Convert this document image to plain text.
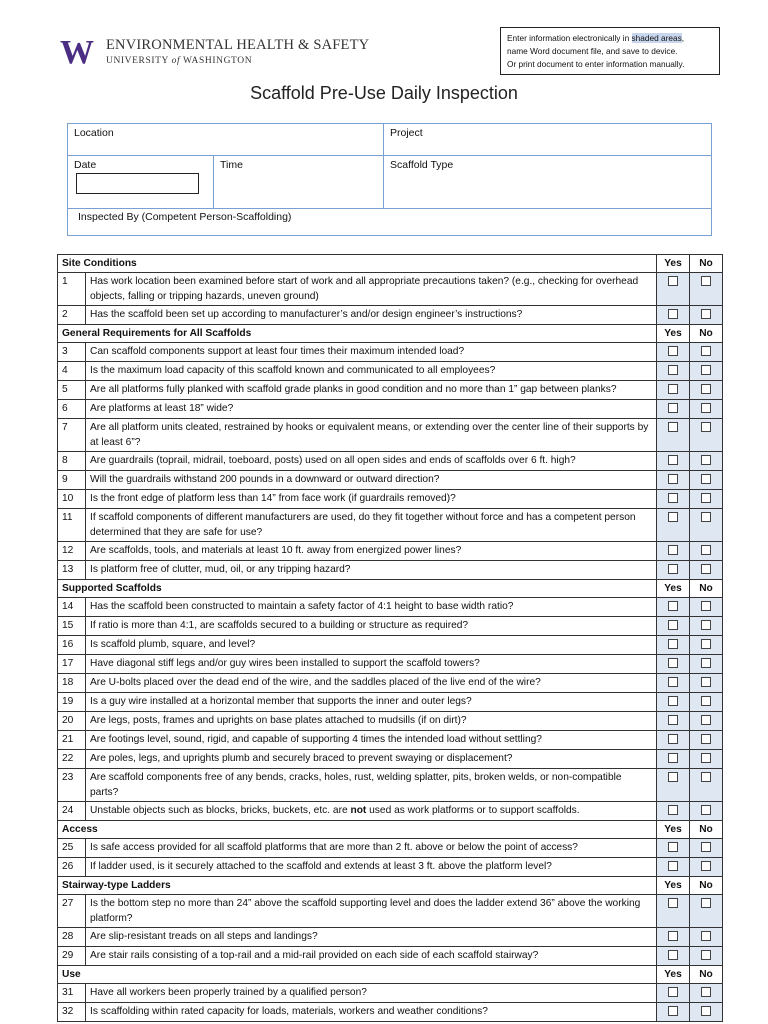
W ENVIRONMENTAL HEALTH & SAFETY
UNIVERSITY of WASHINGTON
Enter information electronically in shaded areas,
name Word document file, and save to device.
Or print document to enter information manually.
Scaffold Pre-Use Daily Inspection
Location	Project
Date	Time	Scaffold Type
Inspected By (Competent Person-Scaffolding)
Site Conditions		Yes	No
1	Has work location been examined before start of work and all appropriate precautions taken? (e.g., checking for overhead objects, falling or tripping hazards, uneven ground)		
2	Has the scaffold been set up according to manufacturer’s and/or design engineer’s instructions?		
General Requirements for All Scaffolds		Yes	No
3	Can scaffold components support at least four times their maximum intended load?		
4	Is the maximum load capacity of this scaffold known and communicated to all employees?		
5	Are all platforms fully planked with scaffold grade planks in good condition and no more than 1” gap between planks?		
6	Are platforms at least 18” wide?		
7	Are all platform units cleated, restrained by hooks or equivalent means, or extending over the center line of their supports by at least 6”?		
8	Are guardrails (toprail, midrail, toeboard, posts) used on all open sides and ends of scaffolds over 6 ft. high?		
9	Will the guardrails withstand 200 pounds in a downward or outward direction?		
10	Is the front edge of platform less than 14” from face work (if guardrails removed)?		
11	If scaffold components of different manufacturers are used, do they fit together without force and has a competent person determined that they are safe for use?		
12	Are scaffolds, tools, and materials at least 10 ft. away from energized power lines?		
13	Is platform free of clutter, mud, oil, or any tripping hazard?		
Supported Scaffolds		Yes	No
14	Has the scaffold been constructed to maintain a safety factor of 4:1 height to base width ratio?		
15	If ratio is more than 4:1, are scaffolds secured to a building or structure as required?		
16	Is scaffold plumb, square, and level?		
17	Have diagonal stiff legs and/or guy wires been installed to support the scaffold towers?		
18	Are U-bolts placed over the dead end of the wire, and the saddles placed of the live end of the wire?		
19	Is a guy wire installed at a horizontal member that supports the inner and outer legs?		
20	Are legs, posts, frames and uprights on base plates attached to mudsills (if on dirt)?		
21	Are footings level, sound, rigid, and capable of supporting 4 times the intended load without settling?		
22	Are poles, legs, and uprights plumb and securely braced to prevent swaying or displacement?		
23	Are scaffold components free of any bends, cracks, holes, rust, welding splatter, pits, broken welds, or non-compatible parts?		
24	Unstable objects such as blocks, bricks, buckets, etc. are not used as work platforms or to support scaffolds.		
Access		Yes	No
25	Is safe access provided for all scaffold platforms that are more than 2 ft. above or below the point of access?		
26	If ladder used, is it securely attached to the scaffold and extends at least 3 ft. above the platform level?		
Stairway-type Ladders		Yes	No
27	Is the bottom step no more than 24” above the scaffold supporting level and does the ladder extend 36” above the working platform?		
28	Are slip-resistant treads on all steps and landings?		
29	Are stair rails consisting of a top-rail and a mid-rail provided on each side of each scaffold stairway?		
Use		Yes	No
31	Have all workers been properly trained by a qualified person?		
32	Is scaffolding within rated capacity for loads, materials, workers and weather conditions?		
